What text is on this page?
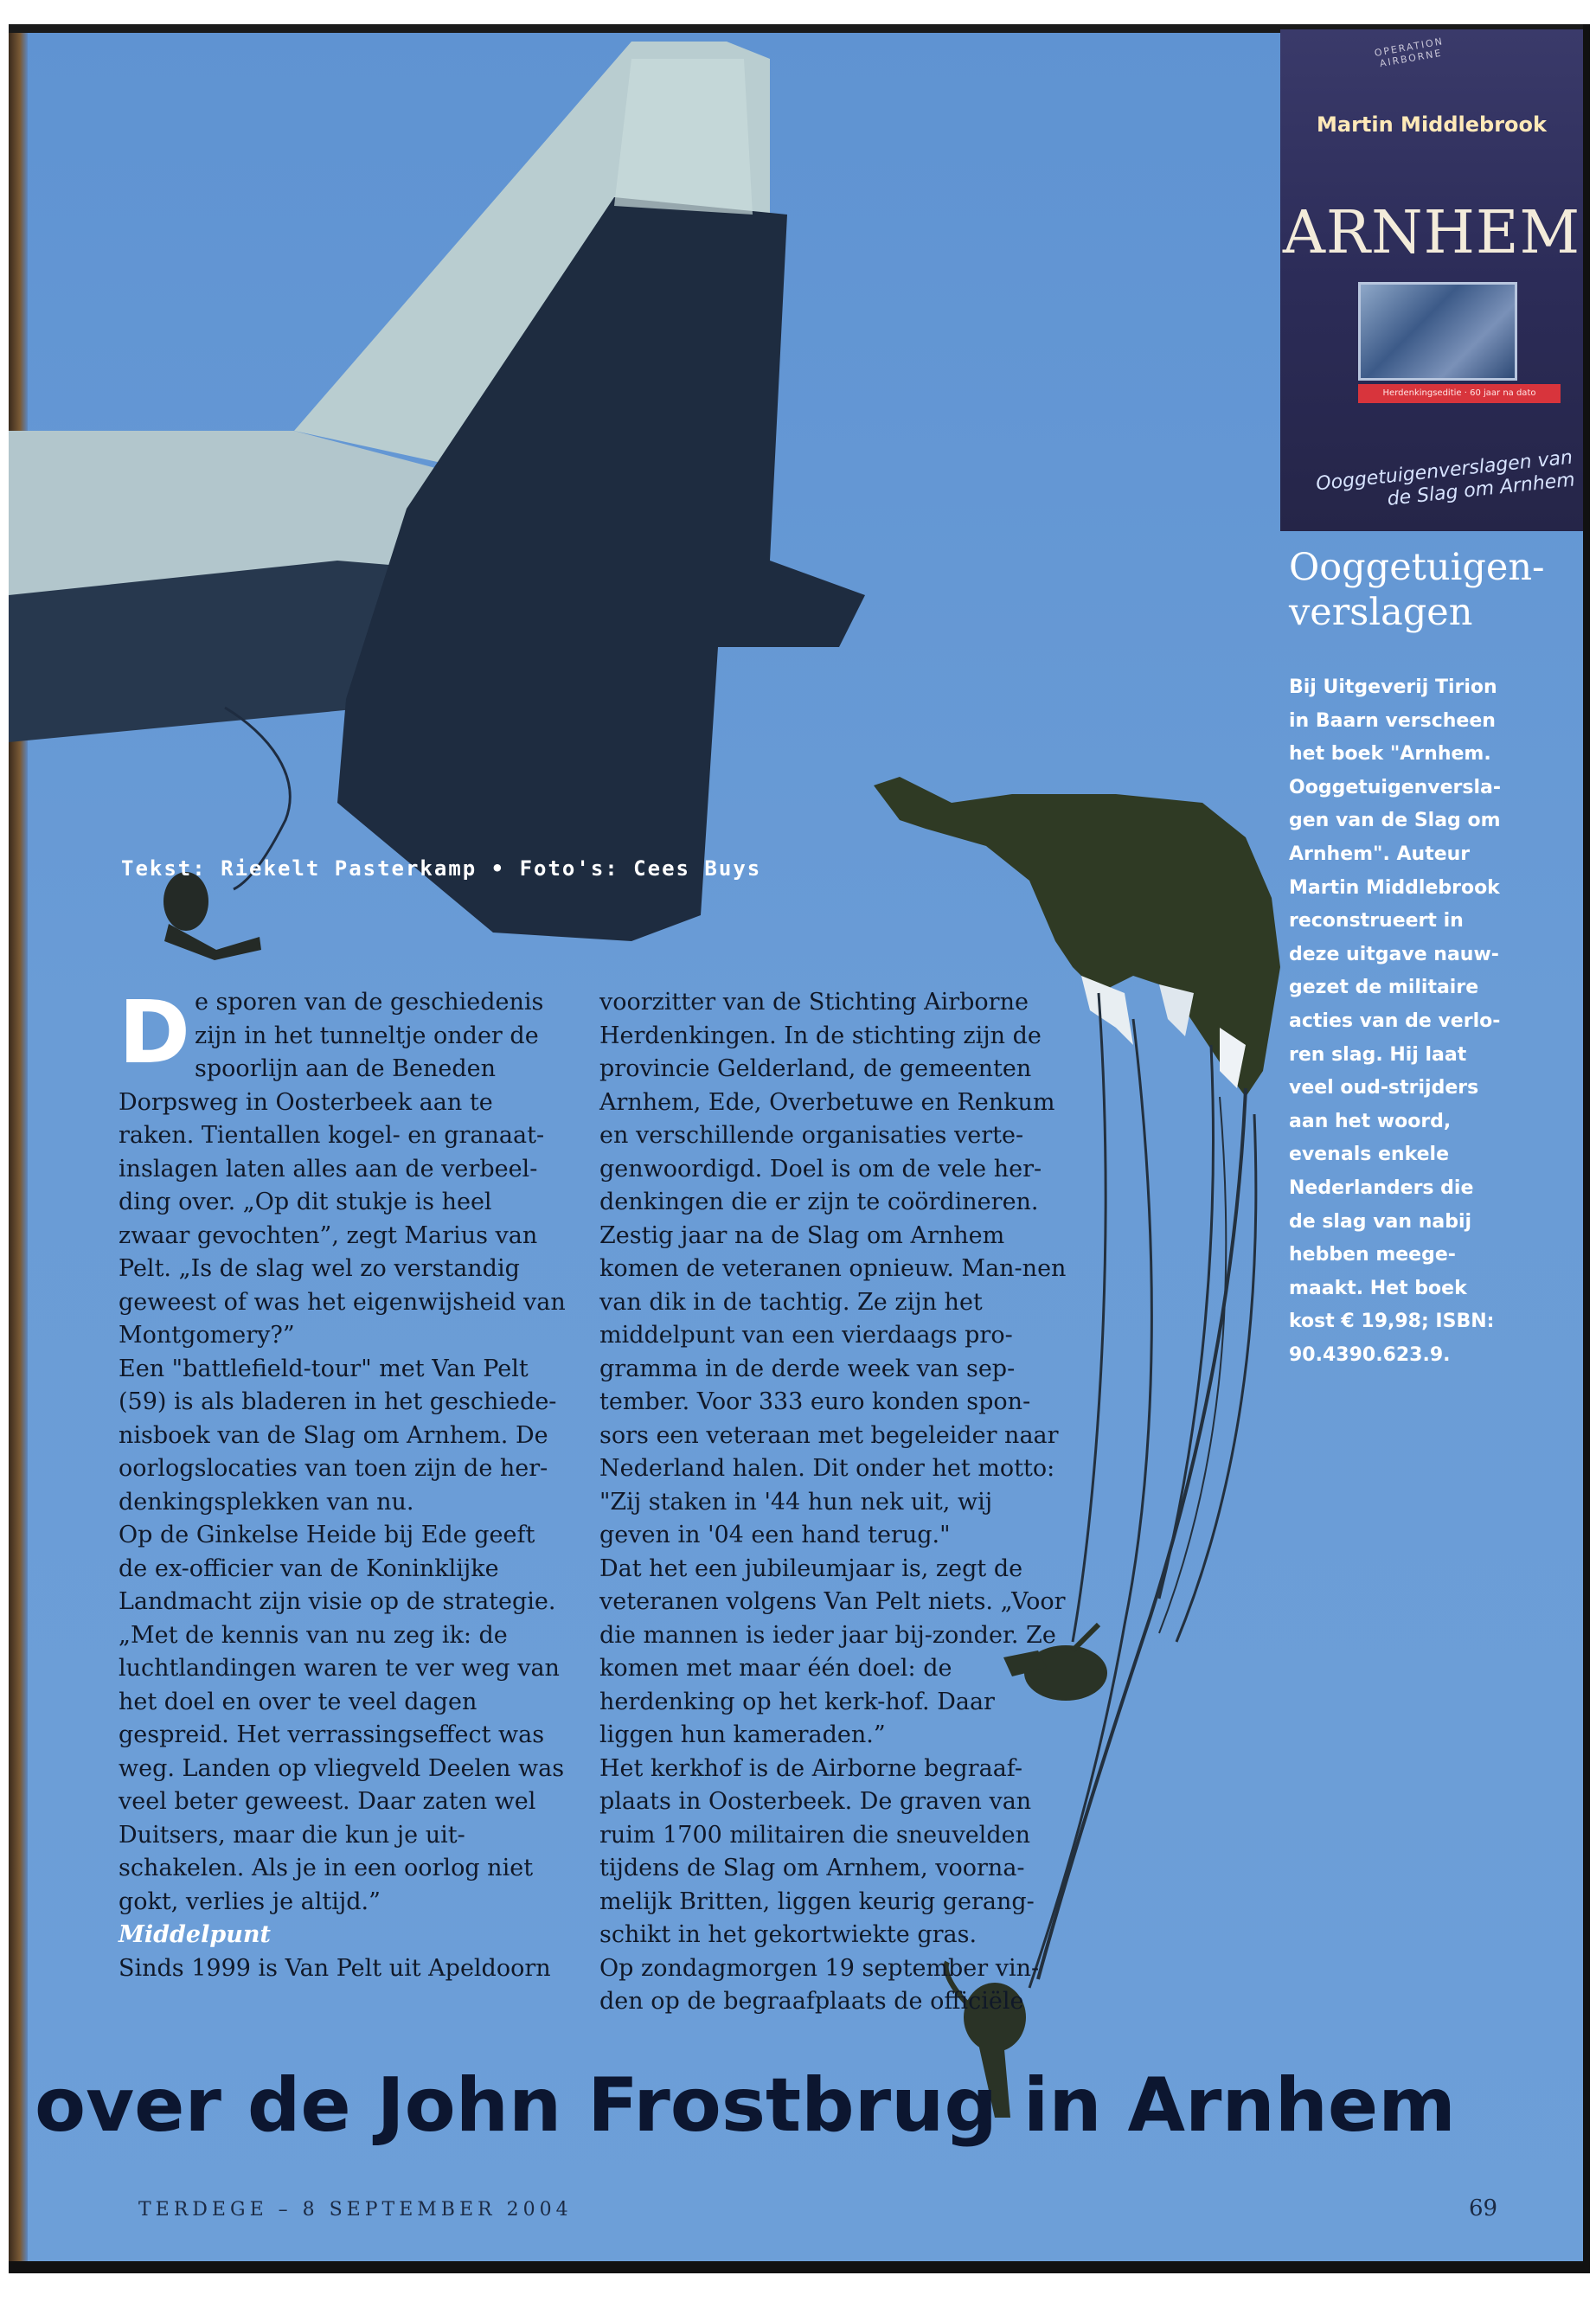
Tekst: Riekelt Pasterkamp • Foto's: Cees Buys
D e sporen van de geschiedenis zijn in het tunneltje onder de spoorlijn aan de Beneden Dorpsweg in Oosterbeek aan te raken. Tientallen kogel- en granaat-inslagen laten alles aan de verbeel-ding over. „Op dit stukje is heel zwaar gevochten”, zegt Marius van Pelt. „Is de slag wel zo verstandig geweest of was het eigenwijsheid van Montgomery?”

Een "battlefield-tour" met Van Pelt (59) is als bladeren in het geschiede-nisboek van de Slag om Arnhem. De oorlogslocaties van toen zijn de her-denkingsplekken van nu.

Op de Ginkelse Heide bij Ede geeft de ex-officier van de Koninklijke Landmacht zijn visie op de strategie. „Met de kennis van nu zeg ik: de luchtlandingen waren te ver weg van het doel en over te veel dagen gespreid. Het verrassingseffect was weg. Landen op vliegveld Deelen was veel beter geweest. Daar zaten wel Duitsers, maar die kun je uit-schakelen. Als je in een oorlog niet gokt, verlies je altijd.”

Middelpunt

Sinds 1999 is Van Pelt uit Apeldoorn

voorzitter van de Stichting Airborne Herdenkingen. In de stichting zijn de provincie Gelderland, de gemeenten Arnhem, Ede, Overbetuwe en Renkum en verschillende organisaties verte-genwoordigd. Doel is om de vele her-denkingen die er zijn te coördineren. Zestig jaar na de Slag om Arnhem komen de veteranen opnieuw. Man-nen van dik in de tachtig. Ze zijn het middelpunt van een vierdaags pro-gramma in de derde week van sep-tember. Voor 333 euro konden spon-sors een veteraan met begeleider naar Nederland halen. Dit onder het motto: "Zij staken in '44 hun nek uit, wij geven in '04 een hand terug."

Dat het een jubileumjaar is, zegt de veteranen volgens Van Pelt niets. „Voor die mannen is ieder jaar bij-zonder. Ze komen met maar één doel: de herdenking op het kerk-hof. Daar liggen hun kameraden.”

Het kerkhof is de Airborne begraaf-plaats in Oosterbeek. De graven van ruim 1700 militairen die sneuvelden tijdens de Slag om Arnhem, voorna-melijk Britten, liggen keurig gerang-schikt in het gekortwiekte gras.

Op zondagmorgen 19 september vin-den op de begraafplaats de officiële

OPERATION AIRBORNE
Martin Middlebrook
ARNHEM
Herdenkingseditie · 60 jaar na dato
Ooggetuigenverslagen van de Slag om Arnhem
Ooggetuigen-verslagen
Bij Uitgeverij Tirion in Baarn verscheen het boek "Arnhem. Ooggetuigenversla-gen van de Slag om Arnhem". Auteur Martin Middlebrook reconstrueert in deze uitgave nauw-gezet de militaire acties van de verlo-ren slag. Hij laat veel oud-strijders aan het woord, evenals enkele Nederlanders die de slag van nabij hebben meege-maakt. Het boek kost € 19,98; ISBN: 90.4390.623.9.
over de John Frostbrug in Arnhem
TERDEGE – 8 SEPTEMBER 2004	69
